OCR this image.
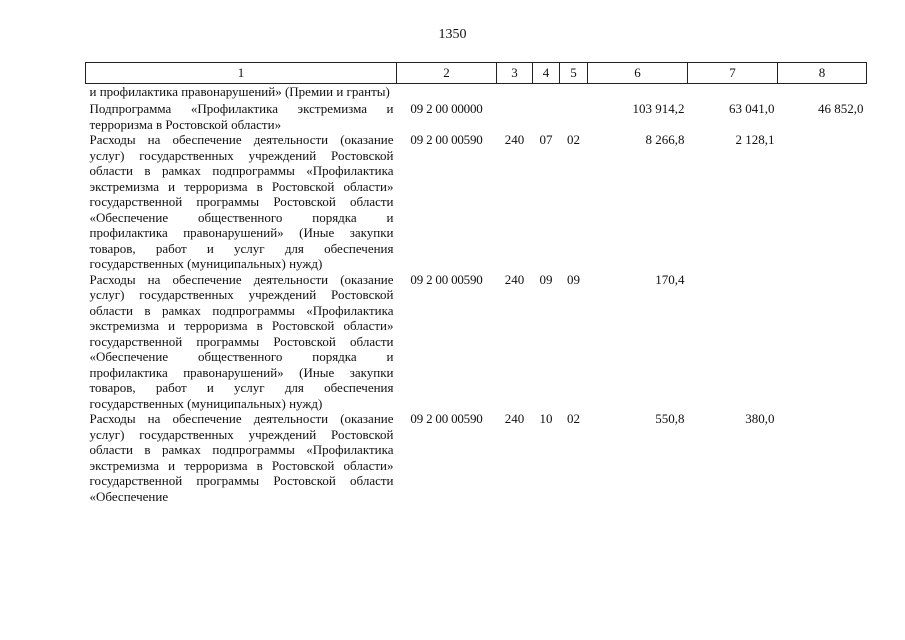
1350
1	2	3	4	5	6	7	8
и профилактика правонарушений» (Премии и гранты)							
Подпрограмма «Профилактика экстремизма и терроризма в Ростовской области»	09 2 00 00000				103 914,2	63 041,0	46 852,0
Расходы на обеспечение деятельности (оказание услуг) государственных учреждений Ростовской области в рамках подпрограммы «Профилактика экстремизма и терроризма в Ростовской области» государственной программы Ростовской области «Обеспечение общественного порядка и профилактика правонарушений» (Иные закупки товаров, работ и услуг для обеспечения государственных (муниципальных) нужд)	09 2 00 00590	240	07	02	8 266,8	2 128,1	
Расходы на обеспечение деятельности (оказание услуг) государственных учреждений Ростовской области в рамках подпрограммы «Профилактика экстремизма и терроризма в Ростовской области» государственной программы Ростовской области «Обеспечение общественного порядка и профилактика правонарушений» (Иные закупки товаров, работ и услуг для обеспечения государственных (муниципальных) нужд)	09 2 00 00590	240	09	09	170,4		
Расходы на обеспечение деятельности (оказание услуг) государственных учреждений Ростовской области в рамках подпрограммы «Профилактика экстремизма и терроризма в Ростовской области» государственной программы Ростовской области «Обеспечение	09 2 00 00590	240	10	02	550,8	380,0	
